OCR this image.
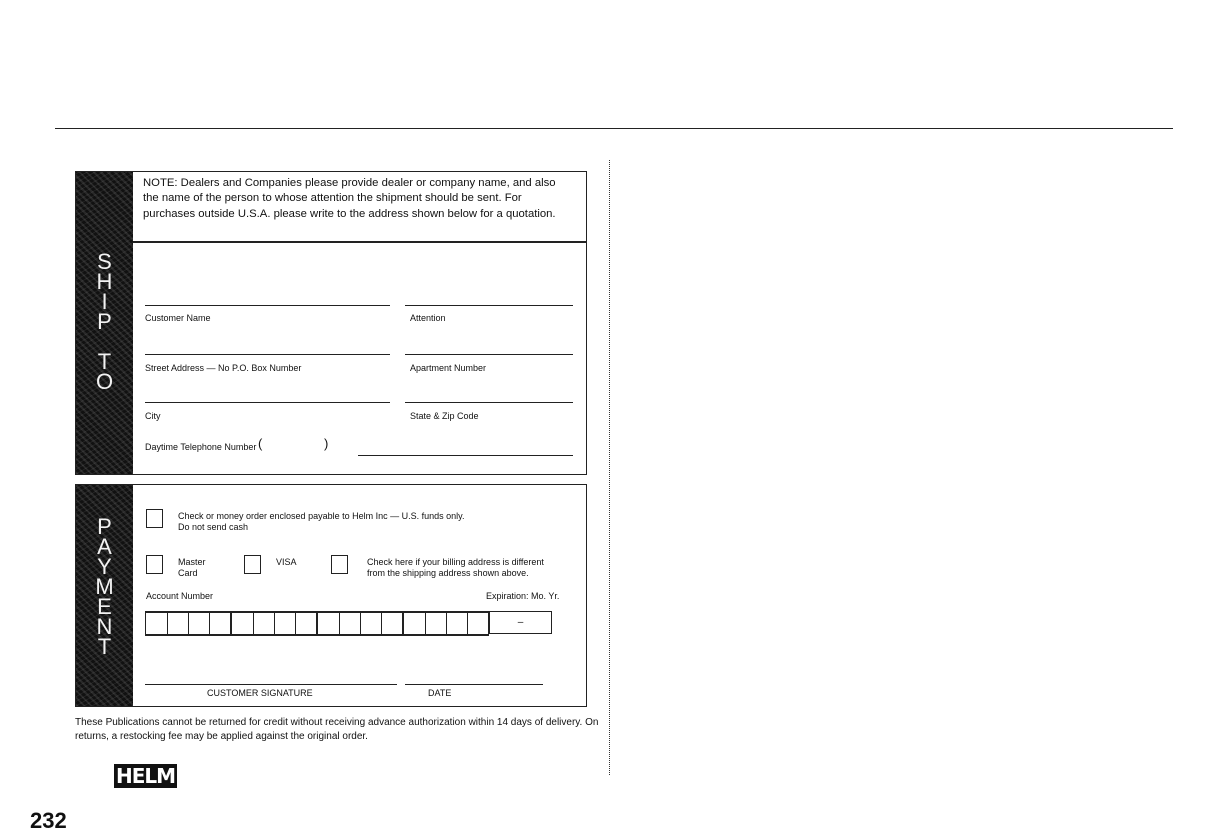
S
H
I
P
T
O
NOTE: Dealers and Companies please provide dealer or company name, and also the name of the person to whose attention the shipment should be sent. For purchases outside U.S.A. please write to the address shown below for a quotation.
Customer Name	Attention
Street Address — No P.O. Box Number	Apartment Number
City	State & Zip Code
Daytime Telephone Number (	)
P
A
Y
M
E
N
T
Check or money order enclosed payable to Helm Inc — U.S. funds only.
Do not send cash
Master
Card
VISA	Check here if your billing address is different
from the shipping address shown above.
Account Number	Expiration: Mo. Yr.
–
CUSTOMER SIGNATURE	DATE
These Publications cannot be returned for credit without receiving advance authorization within 14 days of delivery. On returns, a restocking fee may be applied against the original order.
HELM
232
